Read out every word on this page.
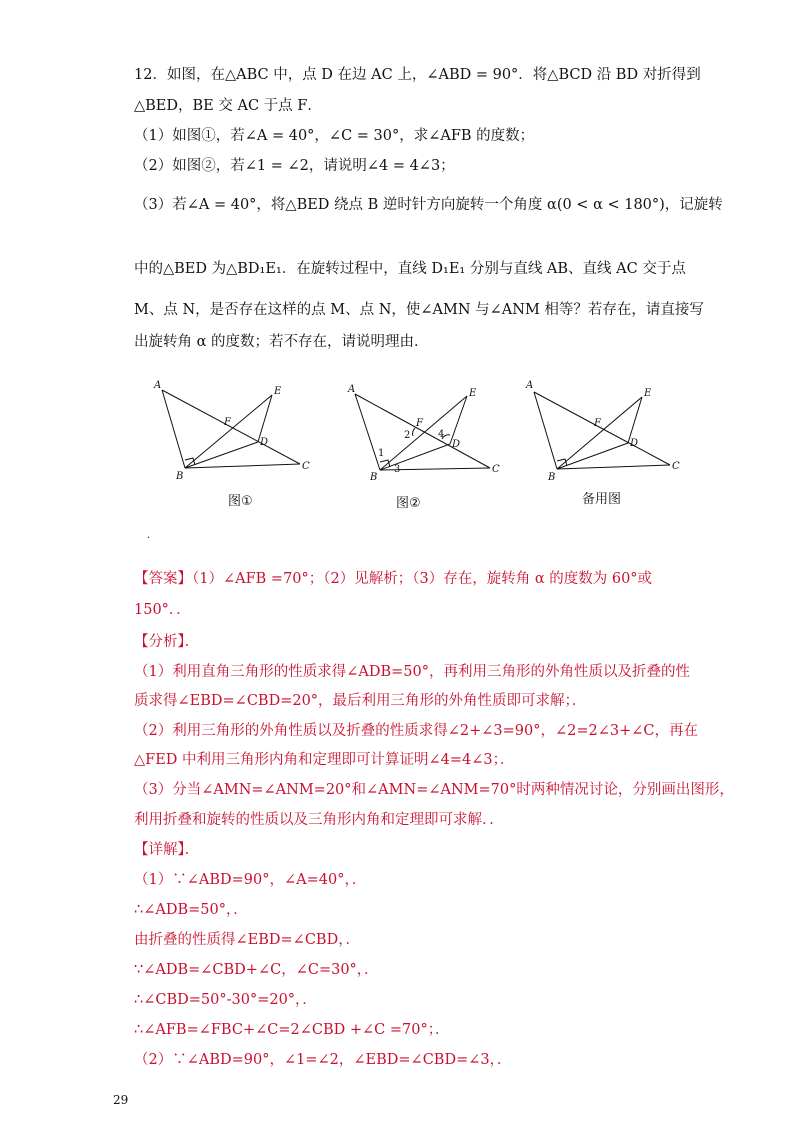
12．如图，在△ABC 中，点 D 在边 AC 上，∠ABD = 90°．将△BCD 沿 BD 对折得到
△BED，BE 交 AC 于点 F．
（1）如图①，若∠A = 40°，∠C = 30°，求∠AFB 的度数；
（2）如图②，若∠1 = ∠2，请说明∠4 = 4∠3；
（3）若∠A = 40°，将△BED 绕点 B 逆时针方向旋转一个角度 α(0 < α < 180°)，记旋转
中的△BED 为△BD₁E₁．在旋转过程中，直线 D₁E₁ 分别与直线 AB、直线 AC 交于点
M、点 N，是否存在这样的点 M、点 N，使∠AMN 与∠ANM 相等？若存在，请直接写
出旋转角 α 的度数；若不存在，请说明理由．
A
B
C
D
E
F
图①
A
B
C
D
E
F
1
2
3
4
图②
A
B
C
D
E
F
备用图
.
【答案】（1）∠AFB =70°；（2）见解析；（3）存在，旋转角 α 的度数为 60°或
150°．．
【分析】．
（1）利用直角三角形的性质求得∠ADB=50°，再利用三角形的外角性质以及折叠的性
质求得∠EBD=∠CBD=20°，最后利用三角形的外角性质即可求解；．
（2）利用三角形的外角性质以及折叠的性质求得∠2+∠3=90°，∠2=2∠3+∠C，再在
△FED 中利用三角形内角和定理即可计算证明∠4=4∠3；．
（3）分当∠AMN=∠ANM=20°和∠AMN=∠ANM=70°时两种情况讨论，分别画出图形，
利用折叠和旋转的性质以及三角形内角和定理即可求解．．
【详解】．
（1）∵∠ABD=90°，∠A=40°，．
∴∠ADB=50°，．
由折叠的性质得∠EBD=∠CBD，．
∵∠ADB=∠CBD+∠C，∠C=30°，．
∴∠CBD=50°-30°=20°，．
∴∠AFB=∠FBC+∠C=2∠CBD +∠C =70°；．
（2）∵∠ABD=90°，∠1=∠2，∠EBD=∠CBD=∠3，．
29
